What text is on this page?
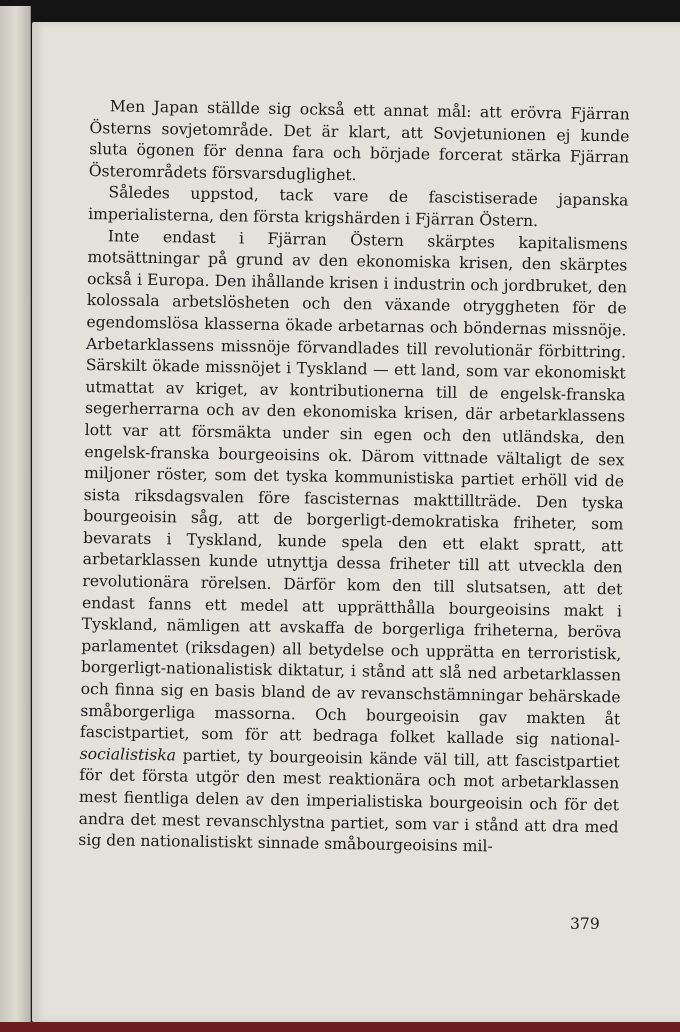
Men Japan ställde sig också ett annat mål: att erövra Fjärran Österns sovjetområde. Det är klart, att Sovjetunionen ej kunde sluta ögonen för denna fara och började forcerat stärka Fjärran Österområdets försvarsduglighet.

Således uppstod, tack vare de fascistiserade japanska imperialisterna, den första krigshärden i Fjärran Östern.

Inte endast i Fjärran Östern skärptes kapitalismens motsättningar på grund av den ekonomiska krisen, den skärptes också i Europa. Den ihållande krisen i industrin och jordbruket, den kolossala arbetslösheten och den växande otryggheten för de egendomslösa klasserna ökade arbetarnas och böndernas missnöje. Arbetarklassens missnöje förvandlades till revolutionär förbittring. Särskilt ökade missnöjet i Tyskland — ett land, som var ekonomiskt utmattat av kriget, av kontributionerna till de engelsk-franska segerherrarna och av den ekonomiska krisen, där arbetarklassens lott var att försmäkta under sin egen och den utländska, den engelsk-franska bourgeoisins ok. Därom vittnade vältaligt de sex miljoner röster, som det tyska kommunistiska partiet erhöll vid de sista riksdagsvalen före fascisternas makttillträde. Den tyska bourgeoisin såg, att de borgerligt-demokratiska friheter, som bevarats i Tyskland, kunde spela den ett elakt spratt, att arbetarklassen kunde utnyttja dessa friheter till att utveckla den revolutionära rörelsen. Därför kom den till slutsatsen, att det endast fanns ett medel att upprätthålla bourgeoisins makt i Tyskland, nämligen att avskaffa de borgerliga friheterna, beröva parlamentet (riksdagen) all betydelse och upprätta en terroristisk, borgerligt-nationalistisk diktatur, i stånd att slå ned arbetarklassen och finna sig en basis bland de av revanschstämningar behärskade småborgerliga massorna. Och bourgeoisin gav makten åt fascistpartiet, som för att bedraga folket kallade sig national-socialistiska partiet, ty bourgeoisin kände väl till, att fascistpartiet för det första utgör den mest reaktionära och mot arbetarklassen mest fientliga delen av den imperialistiska bourgeoisin och för det andra det mest revanschlystna partiet, som var i stånd att dra med sig den nationalistiskt sinnade småbourgeoisins mil-

379
